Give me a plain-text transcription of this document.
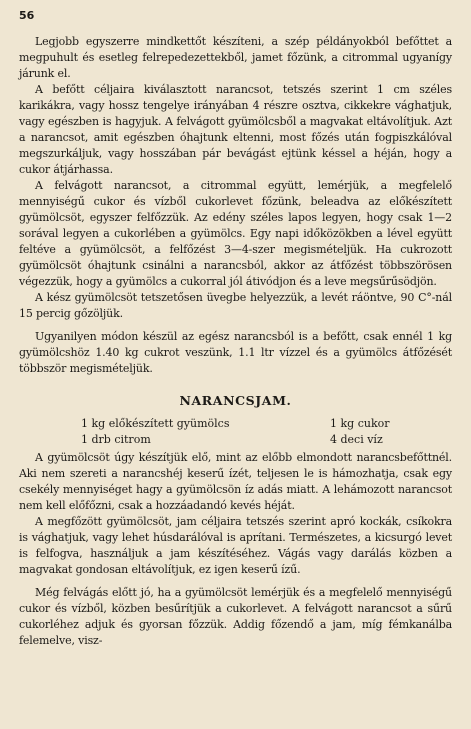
56

Legjobb egyszerre mindkettőt készíteni, a szép példányokból befőttet a megpuhult és esetleg felrepedezettekből, jamet főzünk, a citrommal ugyanígy járunk el.

A befőtt céljaira kiválasztott narancsot, tetszés szerint 1 cm széles karikákra, vagy hossz tengelye irányában 4 részre osztva, cikkekre vághatjuk, vagy egészben is hagyjuk. A felvágott gyümölcsből a magvakat eltávolítjuk. Azt a narancsot, amit egészben óhajtunk eltenni, most főzés után fogpiszkálóval megszurkáljuk, vagy hosszában pár bevágást ejtünk késsel a héján, hogy a cukor átjárhassa.

A felvágott narancsot, a citrommal együtt, lemérjük, a megfelelő mennyiségű cukor és vízből cukorlevet főzünk, beleadva az előkészített gyümölcsöt, egyszer felfőzzük. Az edény széles lapos legyen, hogy csak 1—2 sorával legyen a cukorlében a gyümölcs. Egy napi időközökben a lével együtt feltéve a gyümölcsöt, a felfőzést 3—4-szer megismételjük. Ha cukrozott gyümölcsöt óhajtunk csinálni a narancsból, akkor az átfőzést többszörösen végezzük, hogy a gyümölcs a cukorral jól átivódjon és a leve megsűrűsödjön.

A kész gyümölcsöt tetszetősen üvegbe helyezzük, a levét ráöntve, 90 C°-nál 15 percig gőzöljük.

Ugyanilyen módon készül az egész narancsból is a befőtt, csak ennél 1 kg gyümölcshöz 1.40 kg cukrot veszünk, 1.1 ltr vízzel és a gyümölcs átfőzését többször megismételjük.

NARANCSJAM.
1 kg előkészített gyümölcs	1 kg cukor
1 drb citrom	4 deci víz

A gyümölcsöt úgy készítjük elő, mint az előbb elmondott narancsbefőttnél. Aki nem szereti a narancshéj keserű ízét, teljesen le is hámozhatja, csak egy csekély mennyiséget hagy a gyümölcsön íz adás miatt. A lehámozott narancsot nem kell előfőzni, csak a hozzáadandó kevés héját.

A megfőzött gyümölcsöt, jam céljaira tetszés szerint apró kockák, csíkokra is vághatjuk, vagy lehet húsdarálóval is aprítani. Természetes, a kicsurgó levet is felfogva, használjuk a jam készítéséhez. Vágás vagy darálás közben a magvakat gondosan eltávolítjuk, ez igen keserű ízű.

Még felvágás előtt jó, ha a gyümölcsöt lemérjük és a megfelelő mennyiségű cukor és vízből, közben besűrítjük a cukorlevet. A felvágott narancsot a sűrű cukorléhez adjuk és gyorsan főzzük. Addig főzendő a jam, míg fémkanálba felemelve, visz-
